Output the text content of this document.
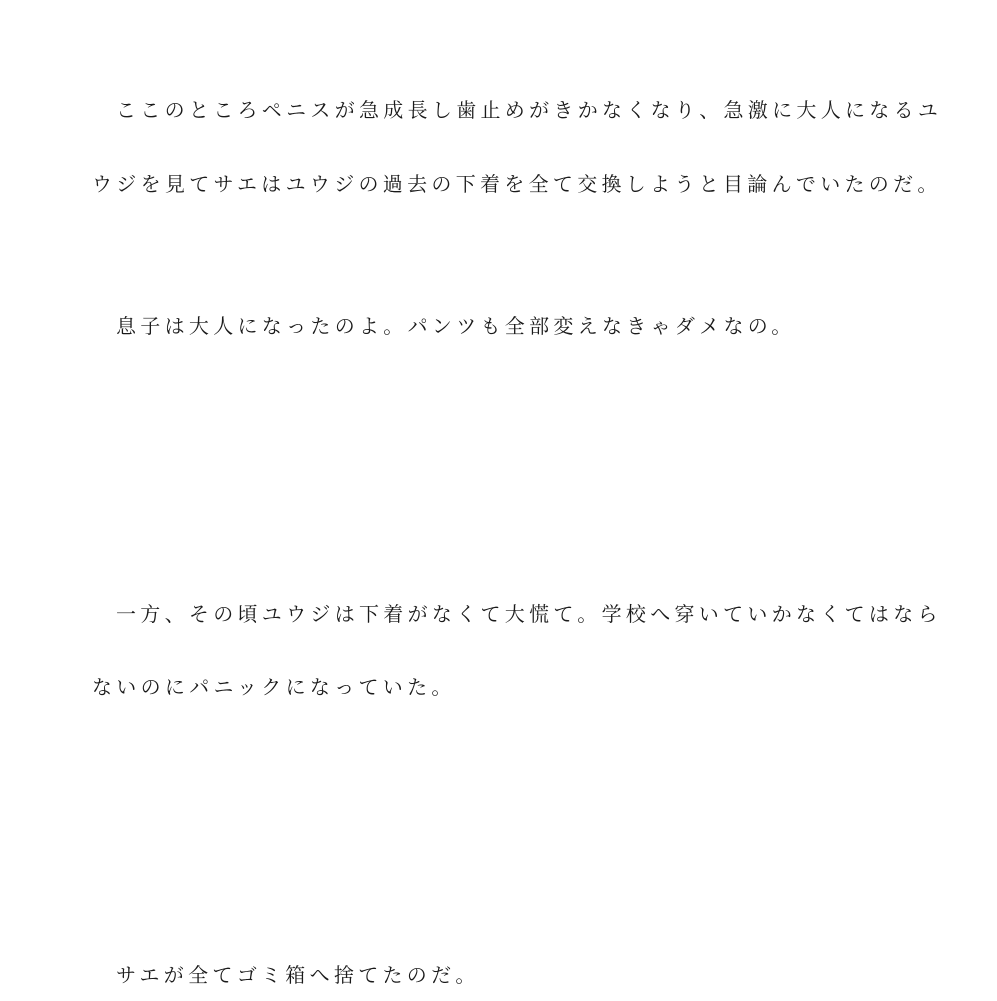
ここのところペニスが急成長し歯止めがきかなくなり、急激に大人になるユ
ウジを見てサエはユウジの過去の下着を全て交換しようと目論んでいたのだ。
息子は大人になったのよ。パンツも全部変えなきゃダメなの。
一方、その頃ユウジは下着がなくて大慌て。学校へ穿いていかなくてはなら
ないのにパニックになっていた。
サエが全てゴミ箱へ捨てたのだ。
